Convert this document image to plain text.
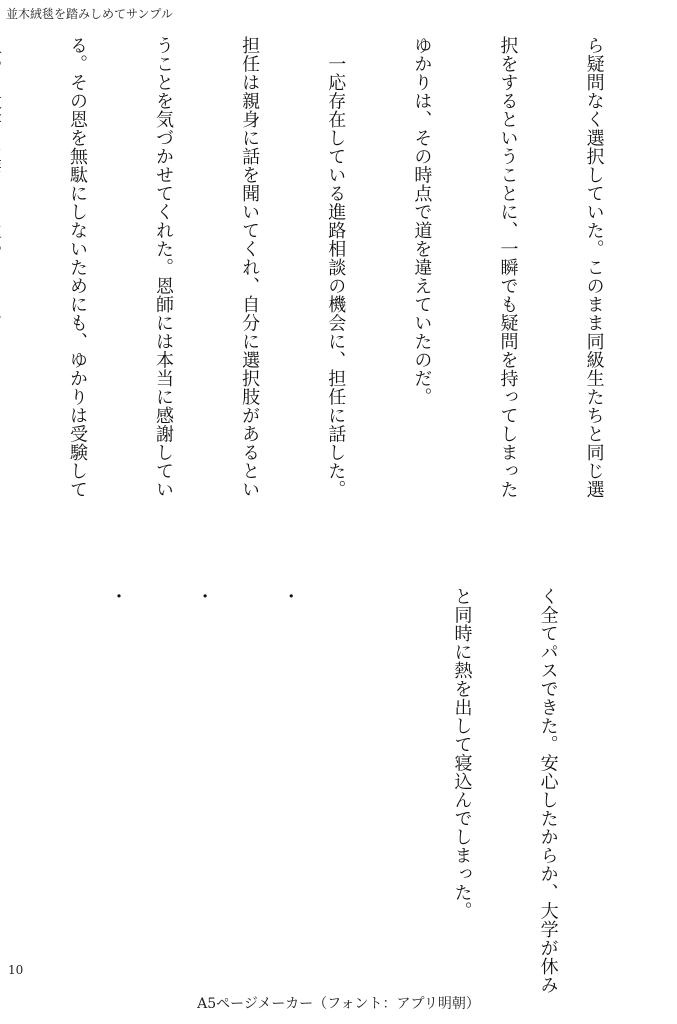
並木絨毯を踏みしめてサンプル

ら疑問なく選択していた。このまま同級生たちと同じ選

択をするということに、一瞬でも疑問を持ってしまった

ゆかりは、その時点で道を違えていたのだ。

　一応存在している進路相談の機会に、担任に話した。

担任は親身に話を聞いてくれ、自分に選択肢があるとい

うことを気づかせてくれた。恩師には本当に感謝してい

る。その恩を無駄にしないためにも、ゆかりは受験して

く全てパスできた。安心したからか、大学が休み

と同時に熱を出して寝込んでしまった。

・

・

・

10
A5ページメーカー（フォント：アプリ明朝）
